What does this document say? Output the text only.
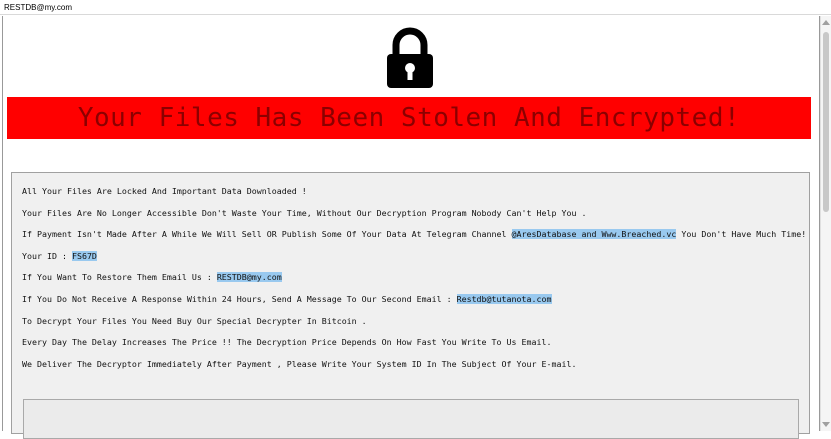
RESTDB@my.com
Your Files Has Been Stolen And Encrypted!
All Your Files Are Locked And Important Data Downloaded !
Your Files Are No Longer Accessible Don't Waste Your Time, Without Our Decryption Program Nobody Can't Help You .
If Payment Isn't Made After A While We Will Sell OR Publish Some Of Your Data At Telegram Channel @AresDatabase and Www.Breached.vc You Don't Have Much Time!
Your ID : FS67D
If You Want To Restore Them Email Us : RESTDB@my.com
If You Do Not Receive A Response Within 24 Hours, Send A Message To Our Second Email : Restdb@tutanota.com
To Decrypt Your Files You Need Buy Our Special Decrypter In Bitcoin .
Every Day The Delay Increases The Price !! The Decryption Price Depends On How Fast You Write To Us Email.
We Deliver The Decryptor Immediately After Payment , Please Write Your System ID In The Subject Of Your E-mail.
